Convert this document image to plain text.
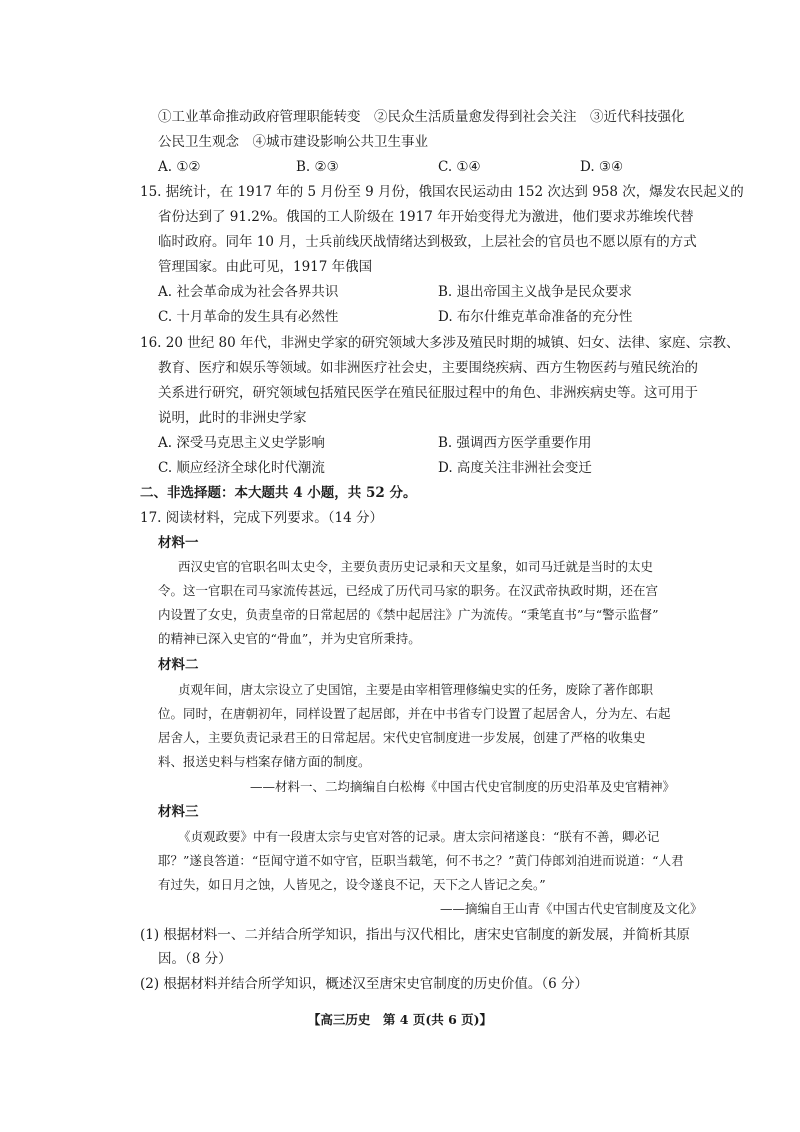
①工业革命推动政府管理职能转变　②民众生活质量愈发得到社会关注　③近代科技强化
公民卫生观念　④城市建设影响公共卫生事业
A. ①②	B. ②③	C. ①④	D. ③④
15. 据统计，在 1917 年的 5 月份至 9 月份，俄国农民运动由 152 次达到 958 次，爆发农民起义的
省份达到了 91.2%。俄国的工人阶级在 1917 年开始变得尤为激进，他们要求苏维埃代替
临时政府。同年 10 月，士兵前线厌战情绪达到极致，上层社会的官员也不愿以原有的方式
管理国家。由此可见，1917 年俄国
A. 社会革命成为社会各界共识	B. 退出帝国主义战争是民众要求
C. 十月革命的发生具有必然性	D. 布尔什维克革命准备的充分性
16. 20 世纪 80 年代，非洲史学家的研究领域大多涉及殖民时期的城镇、妇女、法律、家庭、宗教、
教育、医疗和娱乐等领域。如非洲医疗社会史，主要围绕疾病、西方生物医药与殖民统治的
关系进行研究，研究领域包括殖民医学在殖民征服过程中的角色、非洲疾病史等。这可用于
说明，此时的非洲史学家
A. 深受马克思主义史学影响	B. 强调西方医学重要作用
C. 顺应经济全球化时代潮流	D. 高度关注非洲社会变迁
二、非选择题：本大题共 4 小题，共 52 分。
17. 阅读材料，完成下列要求。（14 分）
材料一
西汉史官的官职名叫太史令，主要负责历史记录和天文星象，如司马迁就是当时的太史
令。这一官职在司马家流传甚远，已经成了历代司马家的职务。在汉武帝执政时期，还在宫
内设置了女史，负责皇帝的日常起居的《禁中起居注》广为流传。“秉笔直书”与“警示监督”
的精神已深入史官的“骨血”，并为史官所秉持。
材料二
贞观年间，唐太宗设立了史国馆，主要是由宰相管理修编史实的任务，废除了著作郎职
位。同时，在唐朝初年，同样设置了起居郎，并在中书省专门设置了起居舍人，分为左、右起
居舍人，主要负责记录君王的日常起居。宋代史官制度进一步发展，创建了严格的收集史
料、报送史料与档案存储方面的制度。
——材料一、二均摘编自白松梅《中国古代史官制度的历史沿革及史官精神》
材料三
《贞观政要》中有一段唐太宗与史官对答的记录。唐太宗问褚遂良：“朕有不善，卿必记
耶？”遂良答道：“臣闻守道不如守官，臣职当载笔，何不书之？”黄门侍郎刘洎进而说道：“人君
有过失，如日月之蚀，人皆见之，设令遂良不记，天下之人皆记之矣。”
——摘编自王山青《中国古代史官制度及文化》
(1) 根据材料一、二并结合所学知识，指出与汉代相比，唐宋史官制度的新发展，并简析其原
因。（8 分）
(2) 根据材料并结合所学知识，概述汉至唐宋史官制度的历史价值。（6 分）
【高三历史　第 4 页(共 6 页)】
